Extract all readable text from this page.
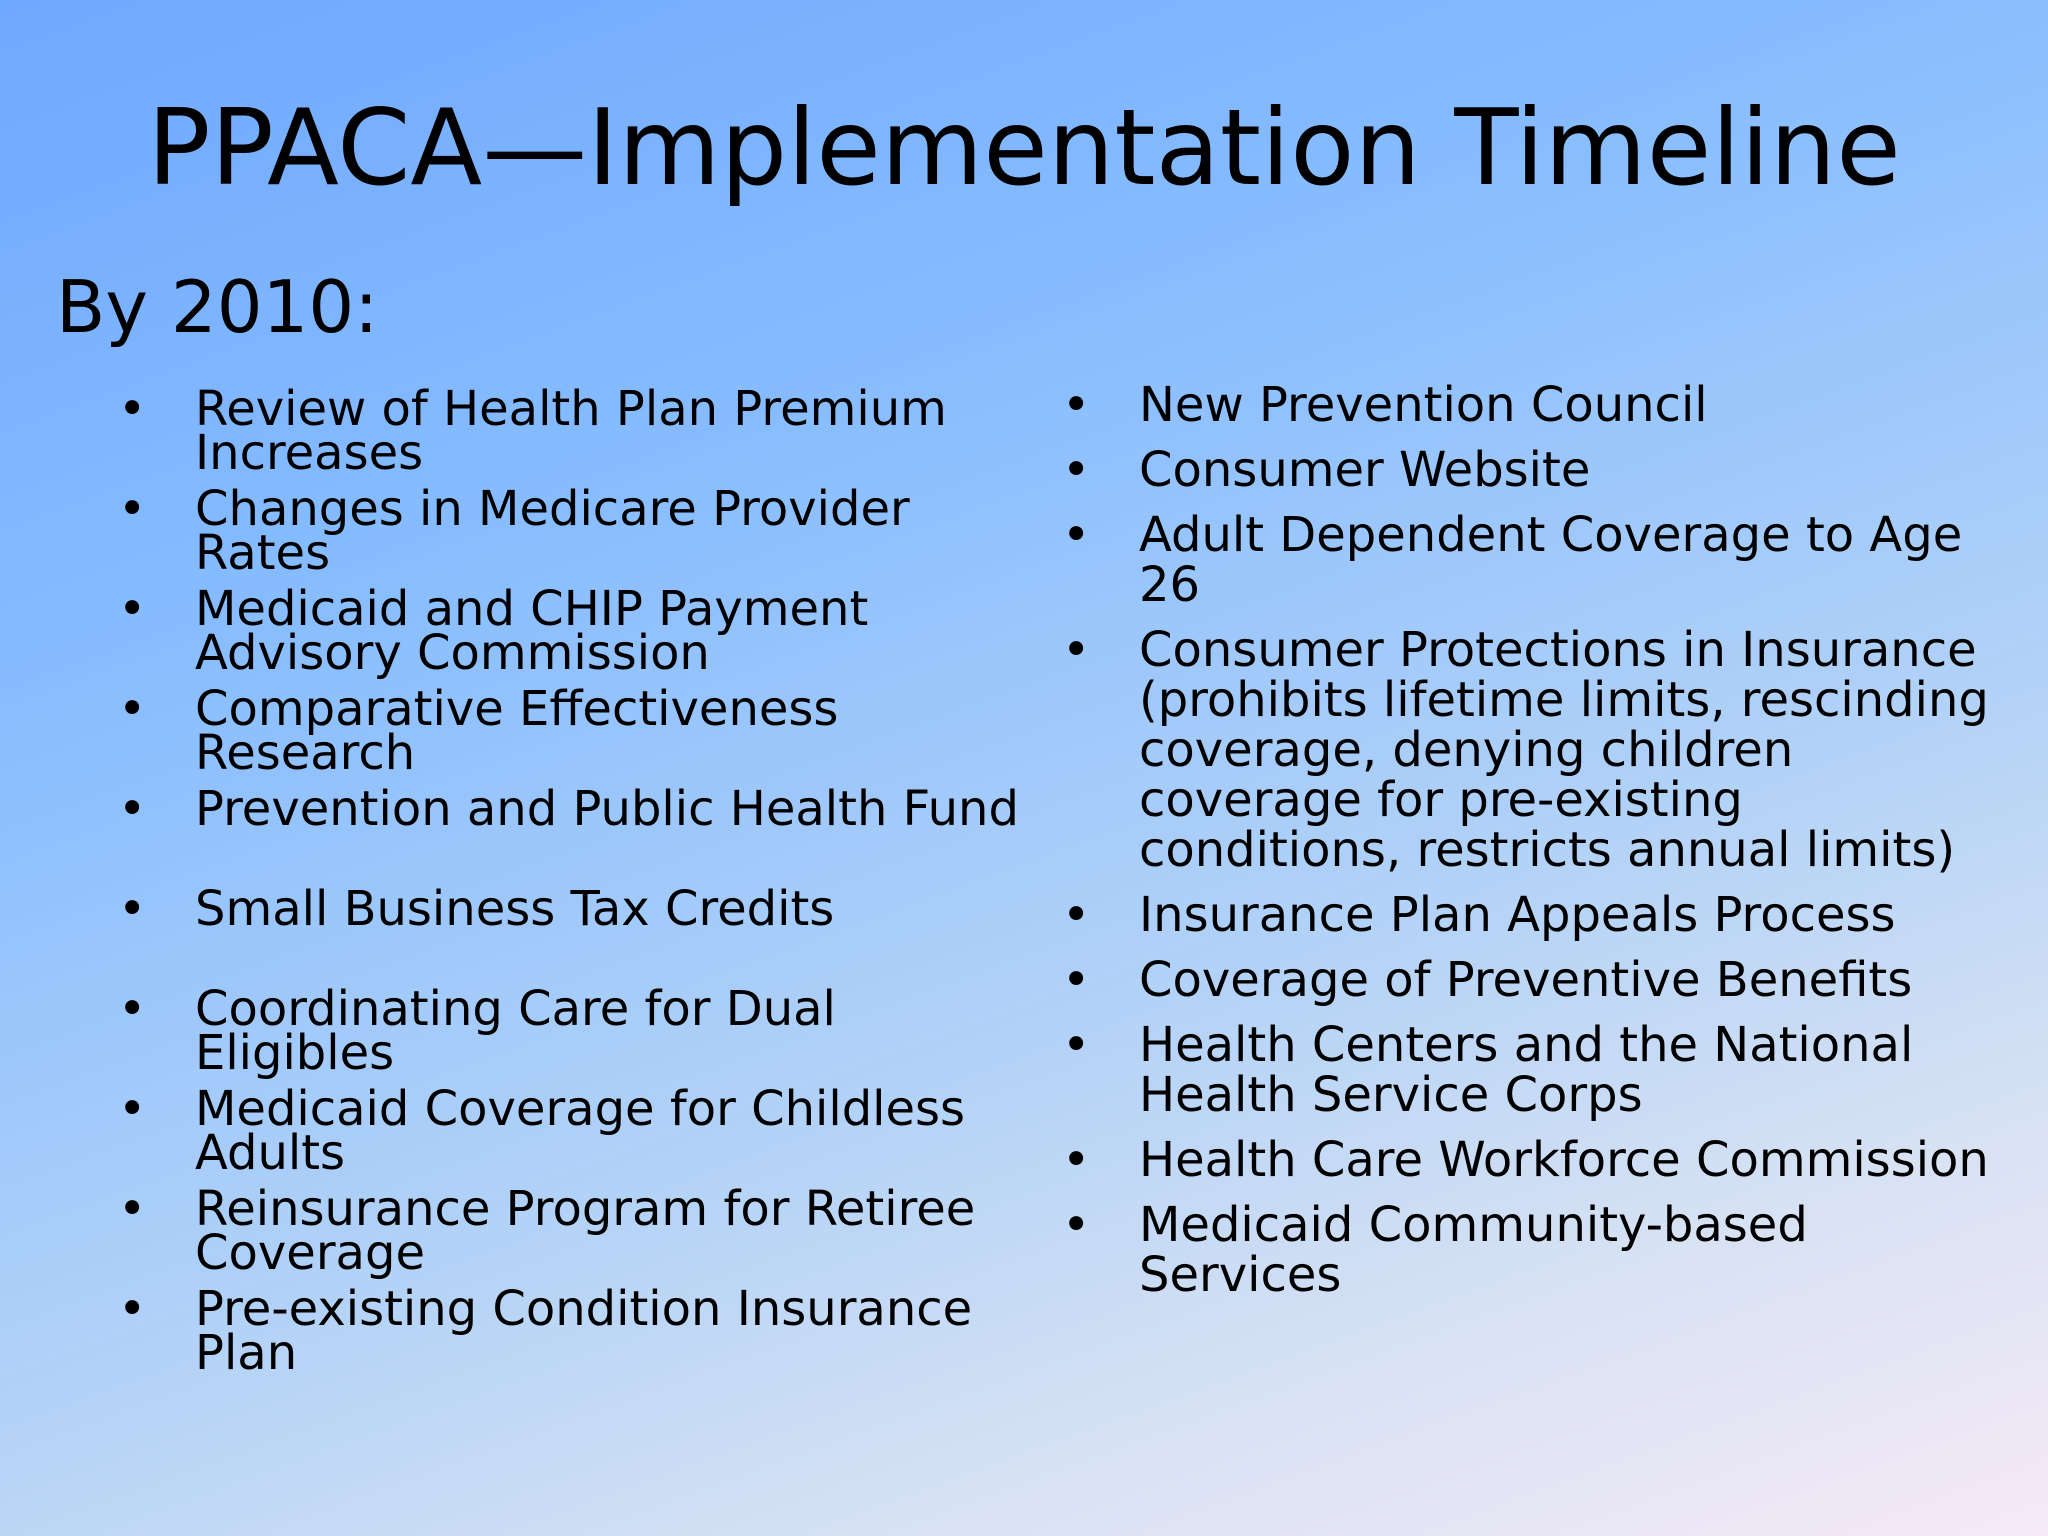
PPACA—Implementation Timeline
By 2010:
• Review of Health Plan Premium Increases
• Changes in Medicare Provider Rates
• Medicaid and CHIP Payment Advisory Commission
• Comparative Effectiveness Research
• Prevention and Public Health Fund
• Small Business Tax Credits
• Coordinating Care for Dual Eligibles
• Medicaid Coverage for Childless Adults
• Reinsurance Program for Retiree Coverage
• Pre-existing Condition Insurance Plan
• New Prevention Council
• Consumer Website
• Adult Dependent Coverage to Age 26
• Consumer Protections in Insurance (prohibits lifetime limits, rescinding coverage, denying children coverage for pre-existing conditions, restricts annual limits)
• Insurance Plan Appeals Process
• Coverage of Preventive Benefits
• Health Centers and the National Health Service Corps
• Health Care Workforce Commission
• Medicaid Community-based Services
